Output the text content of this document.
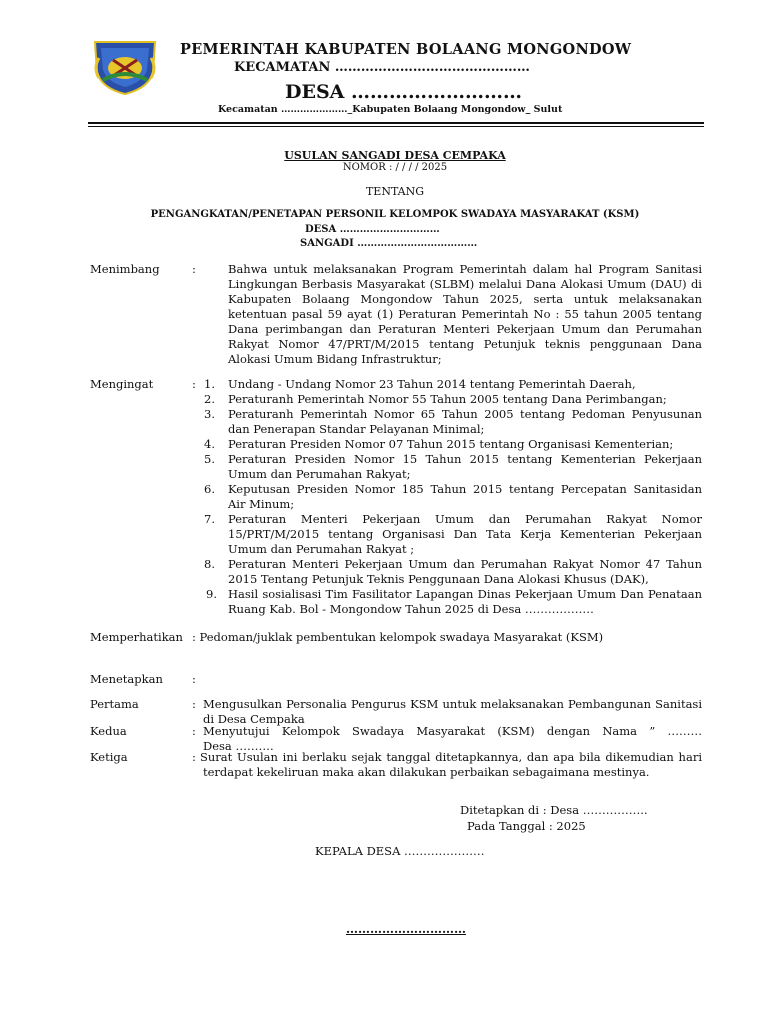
PEMERINTAH KABUPATEN BOLAANG MONGONDOW
KECAMATAN ………………………………………
DESA ………………………
Kecamatan …………………_Kabupaten Bolaang Mongondow_ Sulut
USULAN SANGADI DESA CEMPAKA
NOMOR : / / / / 2025
TENTANG
PENGANGKATAN/PENETAPAN PERSONIL KELOMPOK SWADAYA MASYARAKAT (KSM)
DESA …………………………
SANGADI ………………………………
Menimbang	:	Bahwa untuk melaksanakan Program Pemerintah dalam hal Program Sanitasi
Lingkungan Berbasis Masyarakat (SLBM) melalui Dana Alokasi Umum (DAU) di
Kabupaten Bolaang Mongondow Tahun 2025, serta untuk melaksanakan
ketentuan pasal 59 ayat (1) Peraturan Pemerintah No : 55 tahun 2005 tentang
Dana perimbangan dan Peraturan Menteri Pekerjaan Umum dan Perumahan
Rakyat Nomor 47/PRT/M/2015 tentang Petunjuk teknis penggunaan Dana
Alokasi Umum Bidang Infrastruktur;
Mengingat	: 1. Undang - Undang Nomor 23 Tahun 2014 tentang Pemerintah Daerah,
2. Peraturanh Pemerintah Nomor 55 Tahun 2005 tentang Dana Perimbangan;
3. Peraturanh Pemerintah Nomor 65 Tahun 2005 tentang Pedoman Penyusunan
dan Penerapan Standar Pelayanan Minimal;
4. Peraturan Presiden Nomor 07 Tahun 2015 tentang Organisasi Kementerian;
5. Peraturan Presiden Nomor 15 Tahun 2015 tentang Kementerian Pekerjaan
Umum dan Perumahan Rakyat;
6. Keputusan Presiden Nomor 185 Tahun 2015 tentang Percepatan Sanitasidan
Air Minum;
7. Peraturan Menteri Pekerjaan Umum dan Perumahan Rakyat Nomor
15/PRT/M/2015 tentang Organisasi Dan Tata Kerja Kementerian Pekerjaan
Umum dan Perumahan Rakyat ;
8. Peraturan Menteri Pekerjaan Umum dan Perumahan Rakyat Nomor 47 Tahun
2015 Tentang Petunjuk Teknis Penggunaan Dana Alokasi Khusus (DAK),
9. Hasil sosialisasi Tim Fasilitator Lapangan Dinas Pekerjaan Umum Dan Penataan
Ruang Kab. Bol - Mongondow Tahun 2025 di Desa ………………
Memperhatikan : Pedoman/juklak pembentukan kelompok swadaya Masyarakat (KSM)
Menetapkan	:
Pertama	: Mengusulkan Personalia Pengurus KSM untuk melaksanakan Pembangunan Sanitasi
di Desa Cempaka
Kedua	: Menyutujui Kelompok Swadaya Masyarakat (KSM) dengan Nama ” ………
Desa ……….
Ketiga	: Surat Usulan ini berlaku sejak tanggal ditetapkannya, dan apa bila dikemudian hari
terdapat kekeliruan maka akan dilakukan perbaikan sebagaimana mestinya.
Ditetapkan di : Desa ……………..
Pada Tanggal : 2025
KEPALA DESA …………………
…………………………
